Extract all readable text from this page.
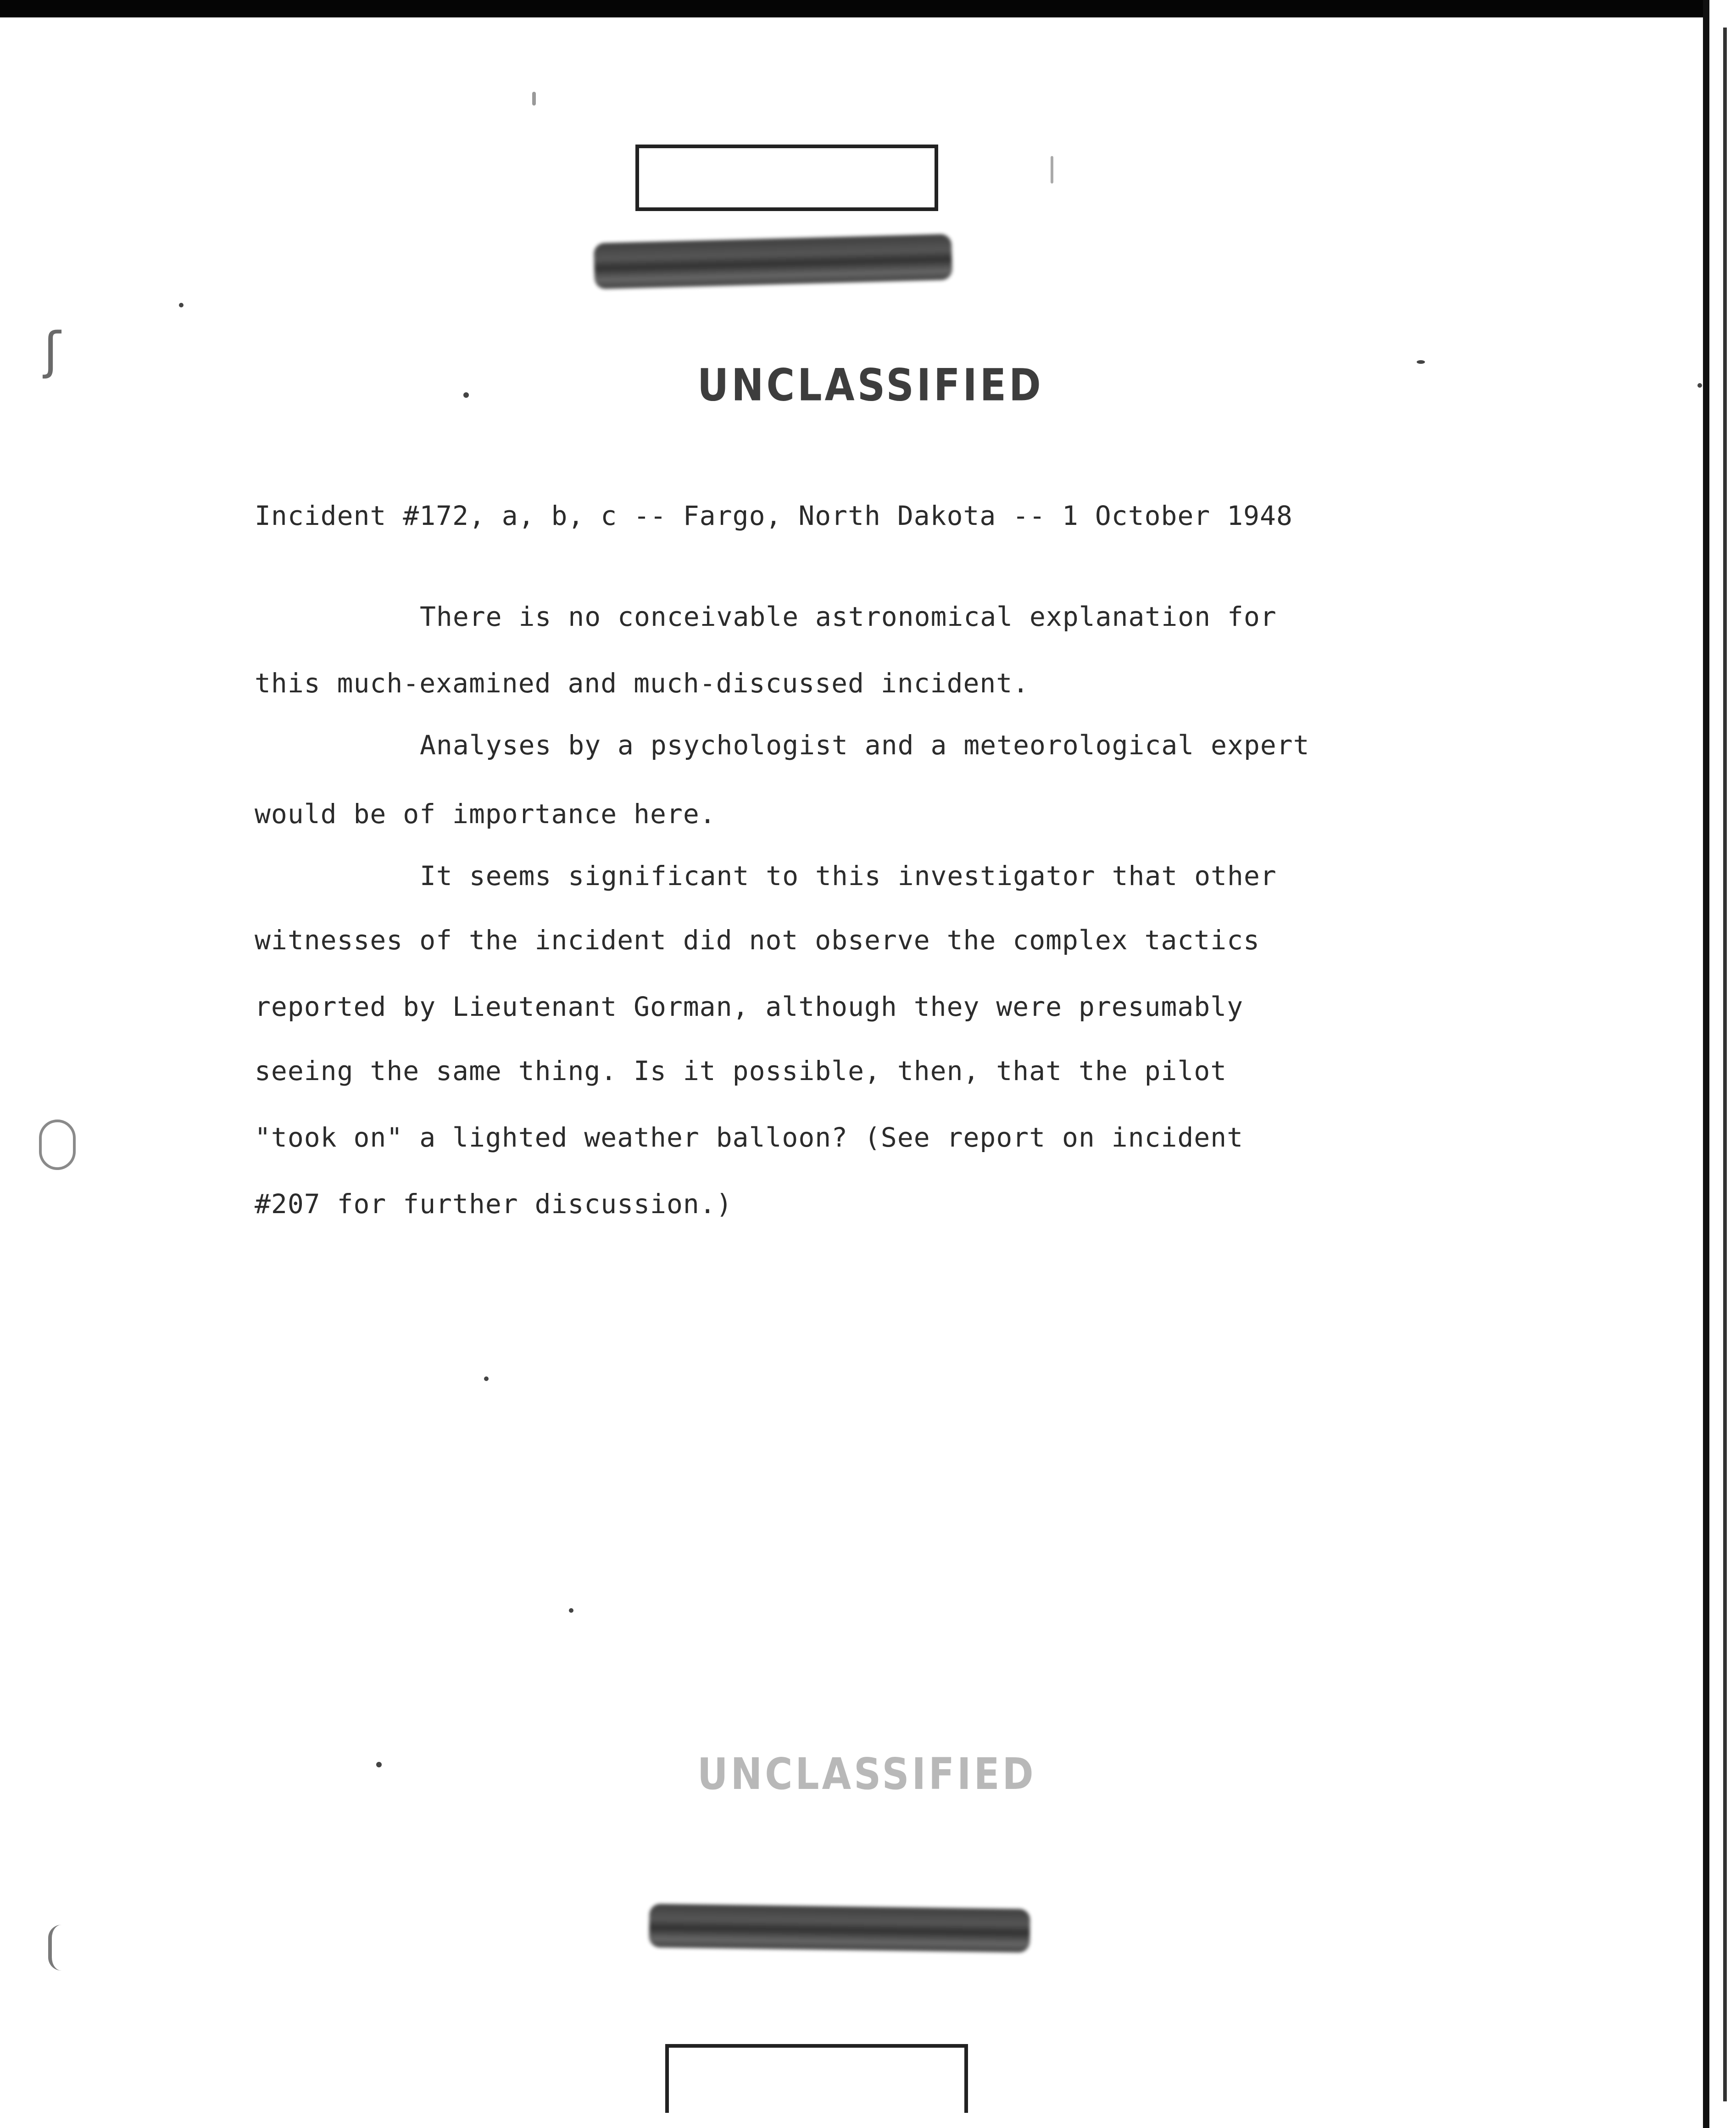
UNCLASSIFIED
Incident #172, a, b, c -- Fargo, North Dakota -- 1 October 1948
There is no conceivable astronomical explanation for
this much-examined and much-discussed incident.
Analyses by a psychologist and a meteorological expert
would be of importance here.
It seems significant to this investigator that other
witnesses of the incident did not observe the complex tactics
reported by Lieutenant Gorman, although they were presumably
seeing the same thing. Is it possible, then, that the pilot
"took on" a lighted weather balloon? (See report on incident
#207 for further discussion.)
UNCLASSIFIED
ʃ
